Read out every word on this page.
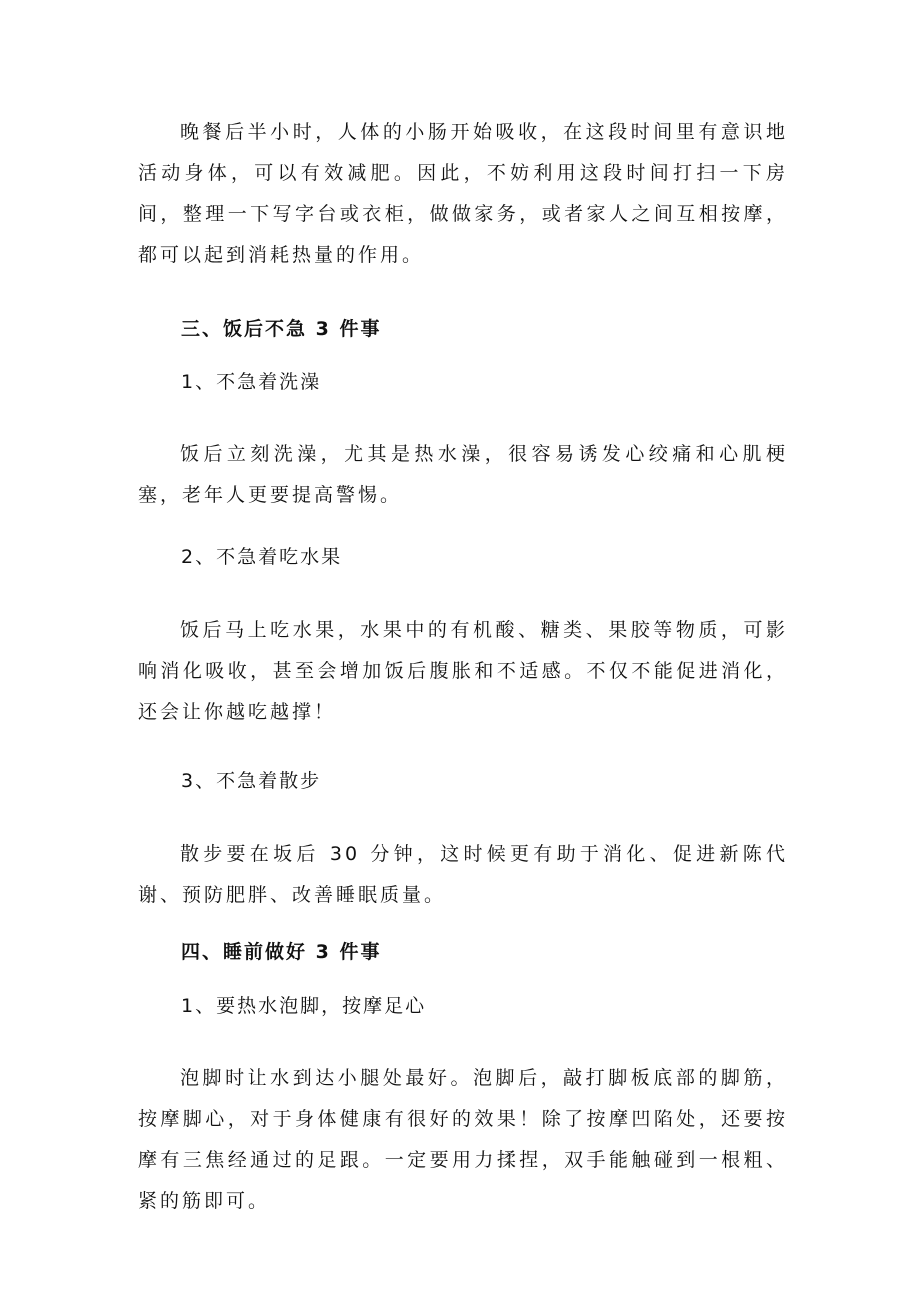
晚餐后半小时，人体的小肠开始吸收，在这段时间里有意识地活动身体，可以有效减肥。因此，不妨利用这段时间打扫一下房间，整理一下写字台或衣柜，做做家务，或者家人之间互相按摩，都可以起到消耗热量的作用。

三、饭后不急 3 件事

1、不急着洗澡

饭后立刻洗澡，尤其是热水澡，很容易诱发心绞痛和心肌梗塞，老年人更要提高警惕。

2、不急着吃水果

饭后马上吃水果，水果中的有机酸、糖类、果胶等物质，可影响消化吸收，甚至会增加饭后腹胀和不适感。不仅不能促进消化，还会让你越吃越撑！

3、不急着散步

散步要在坂后 30 分钟，这时候更有助于消化、促进新陈代谢、预防肥胖、改善睡眠质量。

四、睡前做好 3 件事

1、要热水泡脚，按摩足心

泡脚时让水到达小腿处最好。泡脚后，敲打脚板底部的脚筋，按摩脚心，对于身体健康有很好的效果！除了按摩凹陷处，还要按摩有三焦经通过的足跟。一定要用力揉捏，双手能触碰到一根粗、紧的筋即可。
